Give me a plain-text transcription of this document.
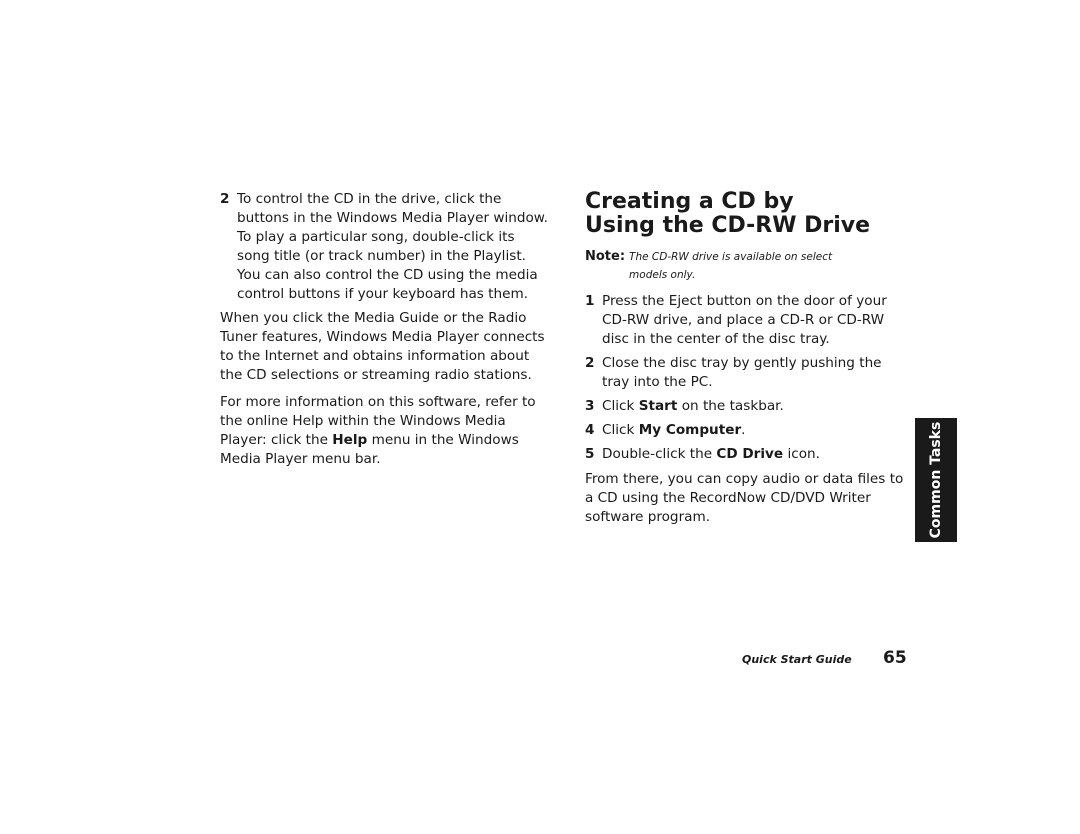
2 To control the CD in the drive, click the buttons in the Windows Media Player window. To play a particular song, double-click its song title (or track number) in the Playlist. You can also control the CD using the media control buttons if your keyboard has them.

When you click the Media Guide or the Radio Tuner features, Windows Media Player connects to the Internet and obtains information about the CD selections or streaming radio stations.

For more information on this software, refer to the online Help within the Windows Media Player: click the Help menu in the Windows Media Player menu bar.

Creating a CD by
Using the CD-RW Drive
Note: The CD-RW drive is available on select models only.
1 Press the Eject button on the door of your CD-RW drive, and place a CD-R or CD-RW disc in the center of the disc tray.
2 Close the disc tray by gently pushing the tray into the PC.
3 Click Start on the taskbar.
4 Click My Computer.
5 Double-click the CD Drive icon.

From there, you can copy audio or data files to a CD using the RecordNow CD/DVD Writer software program.	Common Tasks
Quick Start Guide 65
